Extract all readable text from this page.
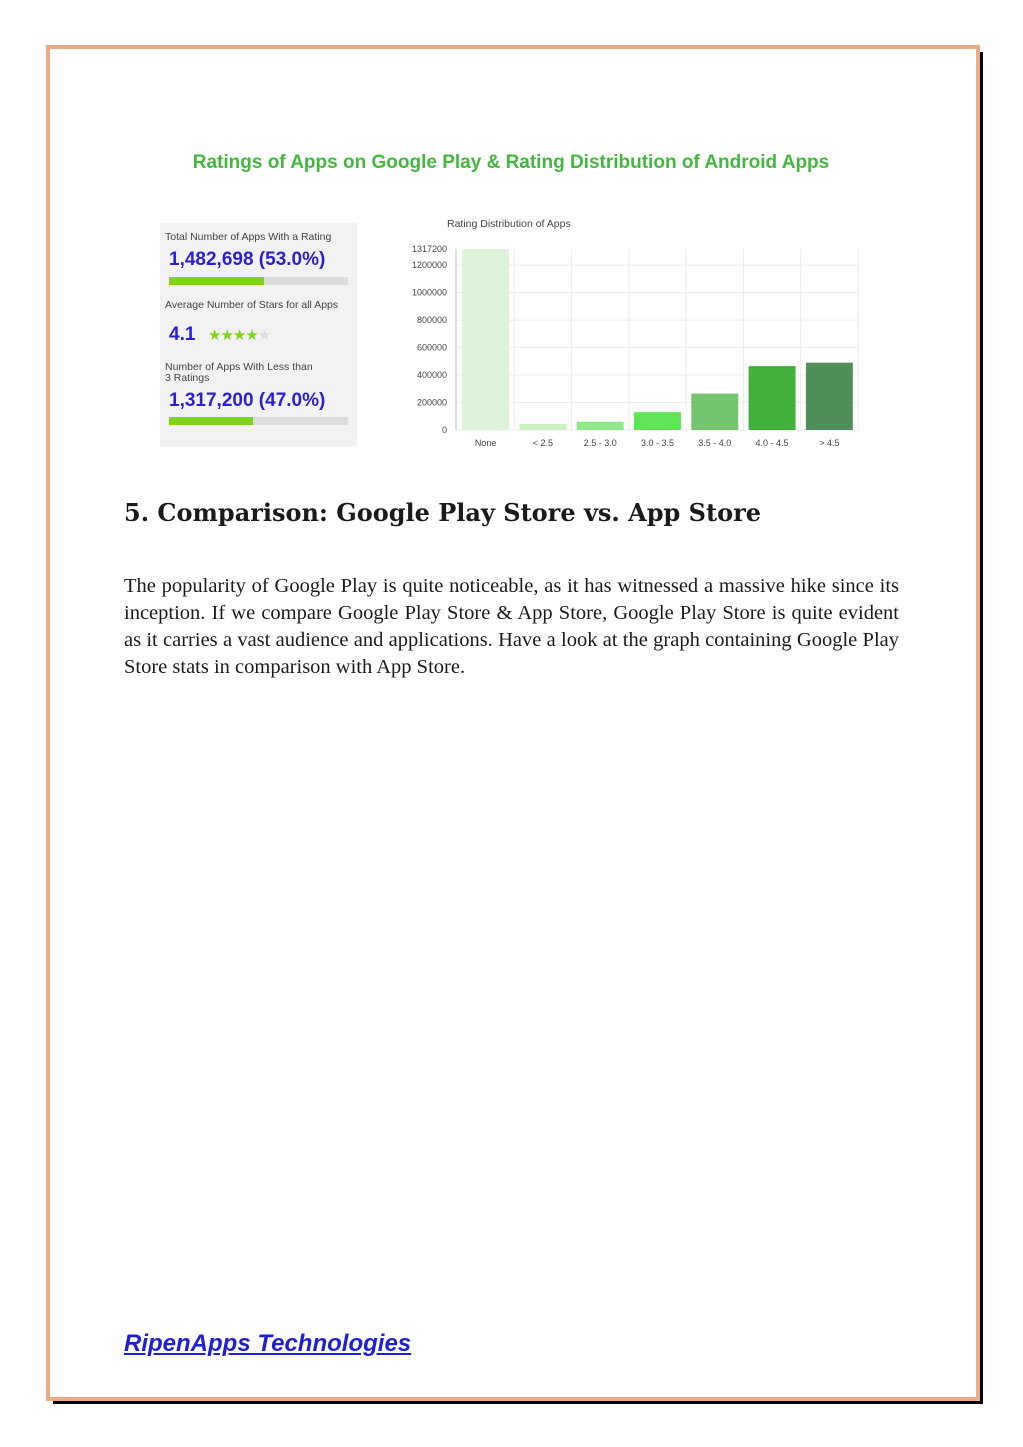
Ratings of Apps on Google Play & Rating Distribution of Android Apps
Total Number of Apps With a Rating
1,482,698 (53.0%)
Average Number of Stars for all Apps
4.1 ★★★★★
Number of Apps With Less than 3 Ratings
1,317,200 (47.0%)
Rating Distribution of Apps
0
200000
400000
600000
800000
1000000
1200000
1317200
None	< 2.5	2.5 - 3.0	3.0 - 3.5	3.5 - 4.0	4.0 - 4.5	> 4.5
5. Comparison: Google Play Store vs. App Store
The popularity of Google Play is quite noticeable, as it has witnessed a massive hike since its inception. If we compare Google Play Store & App Store, Google Play Store is quite evident as it carries a vast audience and applications. Have a look at the graph containing Google Play Store stats in comparison with App Store.
RipenApps Technologies
